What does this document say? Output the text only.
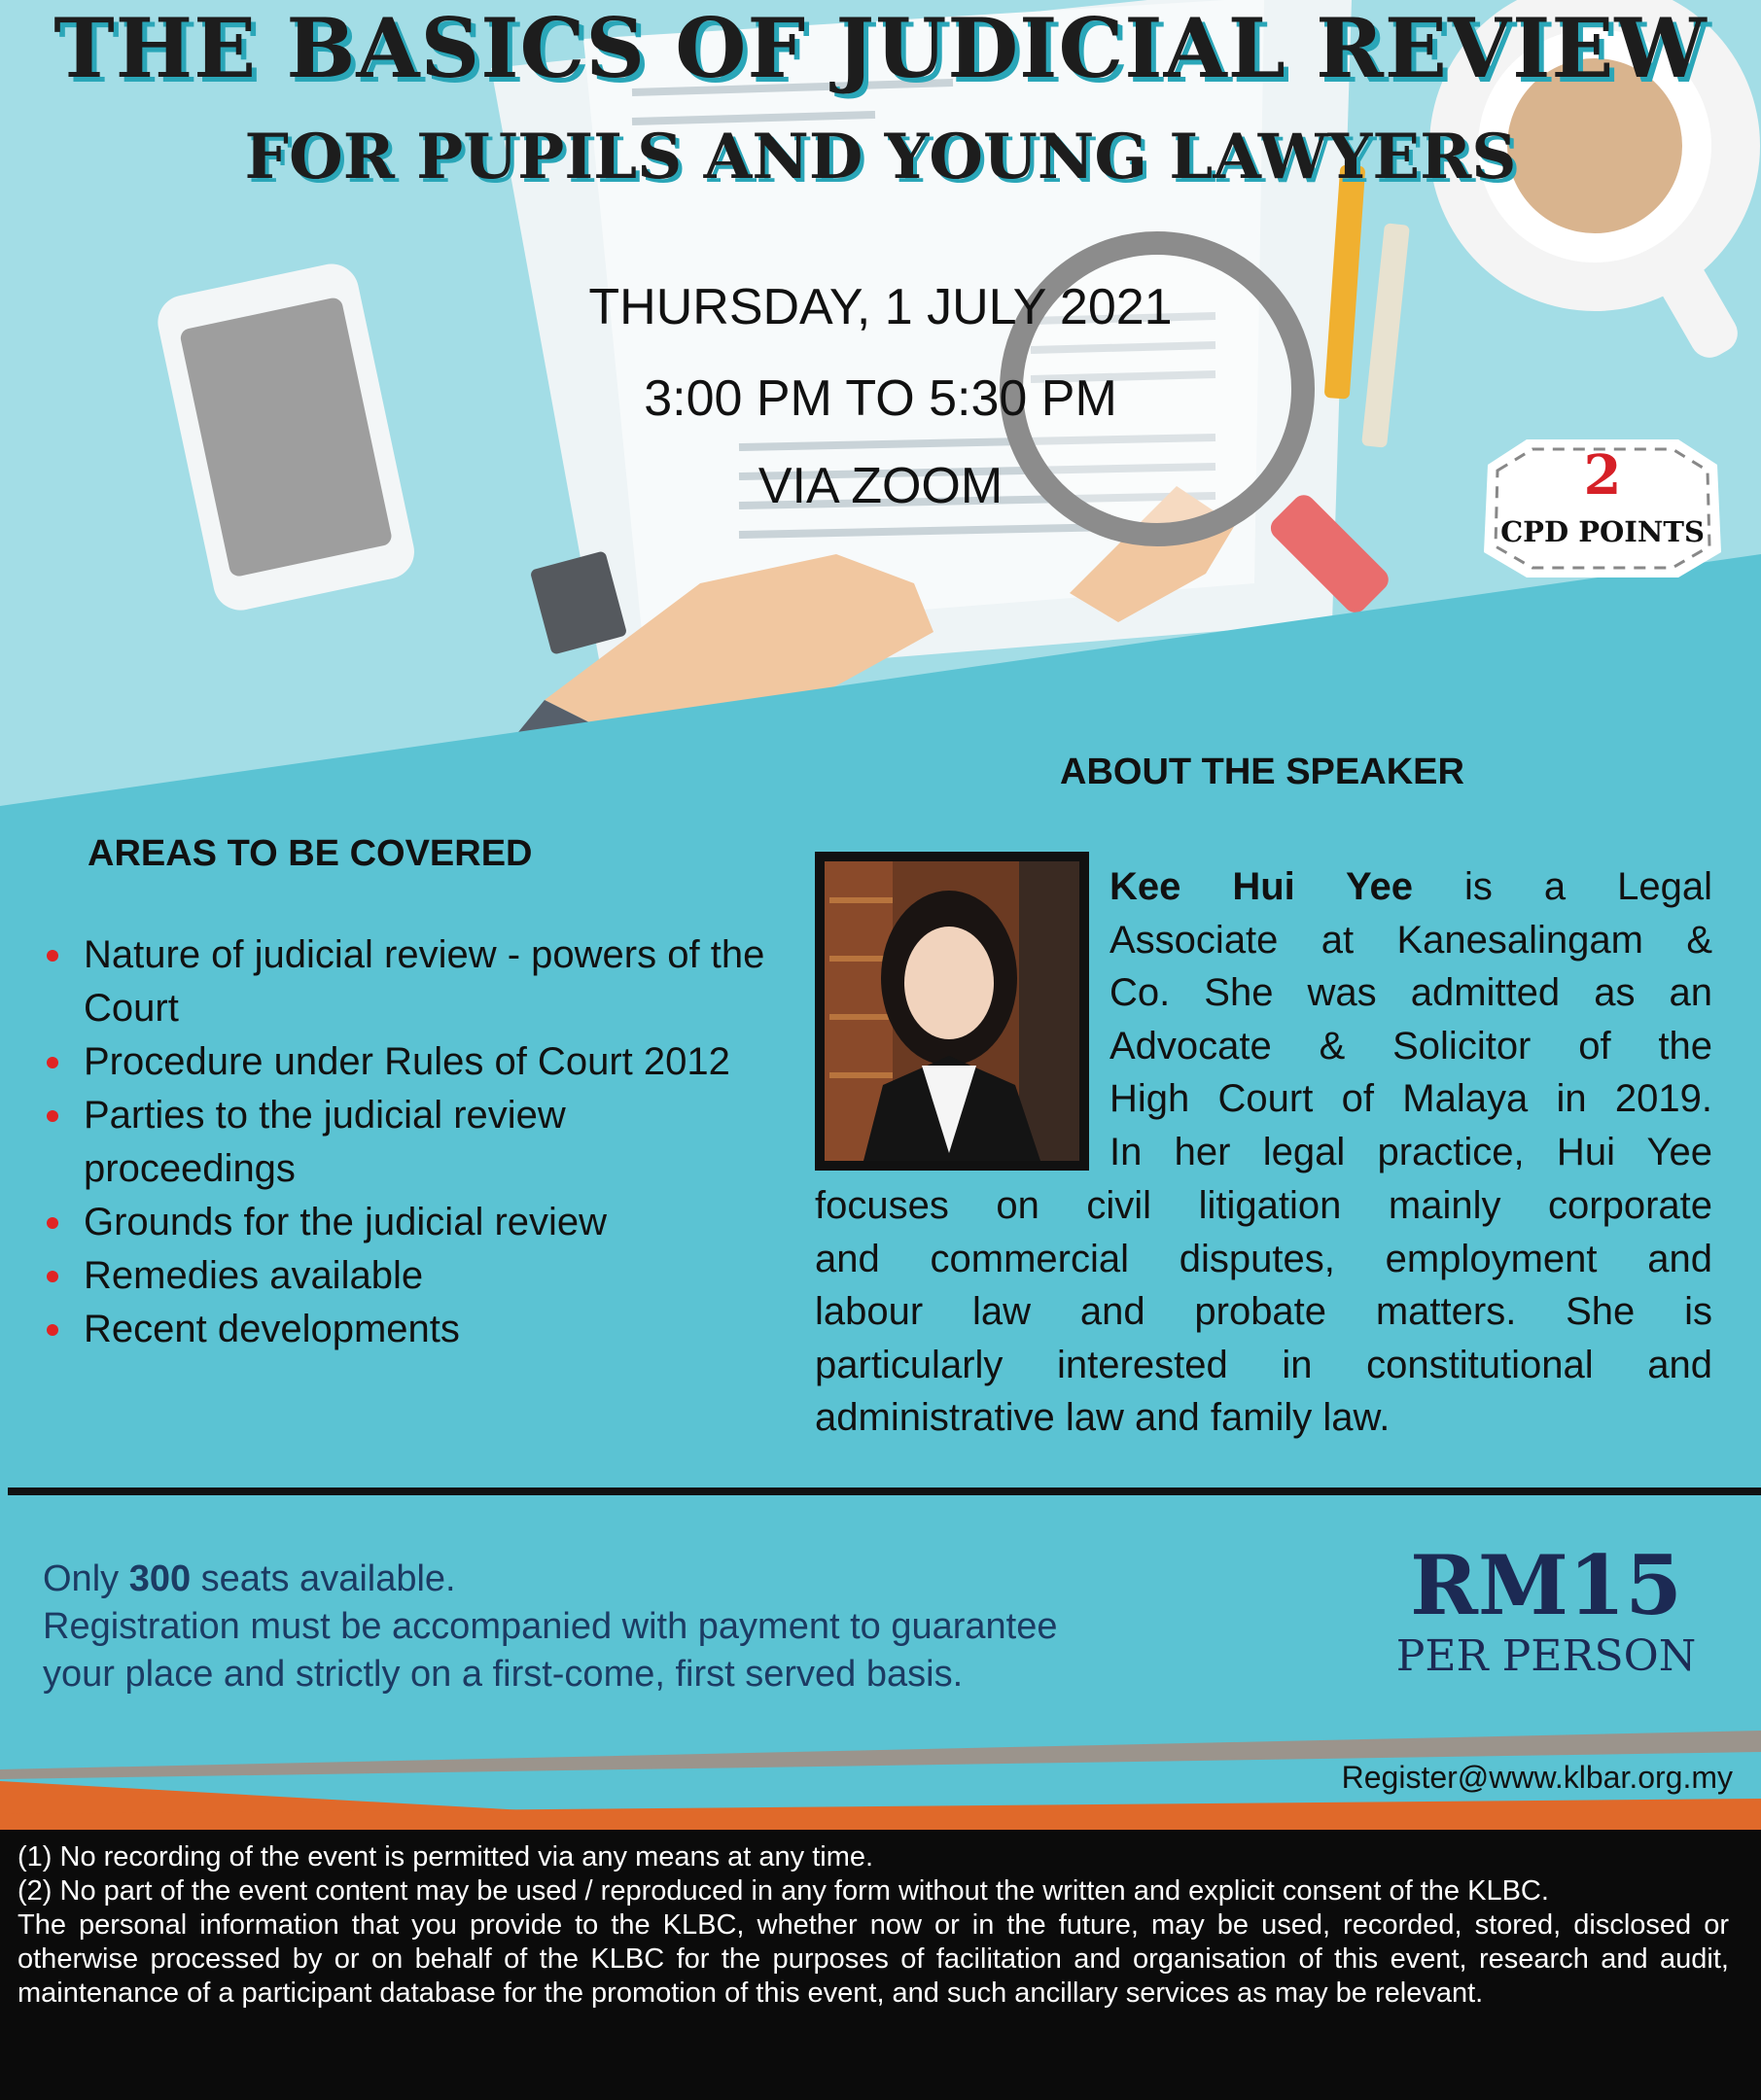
THE BASICS OF JUDICIAL REVIEW
FOR PUPILS AND YOUNG LAWYERS
THURSDAY, 1 JULY 2021
3:00 PM TO 5:30 PM
VIA ZOOM	2
CPD POINTS
ABOUT THE SPEAKER
AREAS TO BE COVERED
Nature of judicial review - powers of the Court
Procedure under Rules of Court 2012
Parties to the judicial review proceedings
Grounds for the judicial review
Remedies available
Recent developments

Kee Hui Yee is a Legal

Associate at Kanesalingam &

Co. She was admitted as an

Advocate & Solicitor of the

High Court of Malaya in 2019.

In her legal practice, Hui Yee

focuses on civil litigation mainly corporate

and commercial disputes, employment and

labour law and probate matters. She is

particularly interested in constitutional and

administrative law and family law.

Only 300 seats available.
Registration must be accompanied with payment to guarantee
your place and strictly on a first-come, first served basis.
RM15
PER PERSON
Register@www.klbar.org.my

(1) No recording of the event is permitted via any means at any time.

(2) No part of the event content may be used / reproduced in any form without the written and explicit consent of the KLBC.

The personal information that you provide to the KLBC, whether now or in the future, may be used, recorded, stored, disclosed or otherwise processed by or on behalf of the KLBC for the purposes of facilitation and organisation of this event, research and audit, maintenance of a participant database for the promotion of this event, and such ancillary services as may be relevant.
